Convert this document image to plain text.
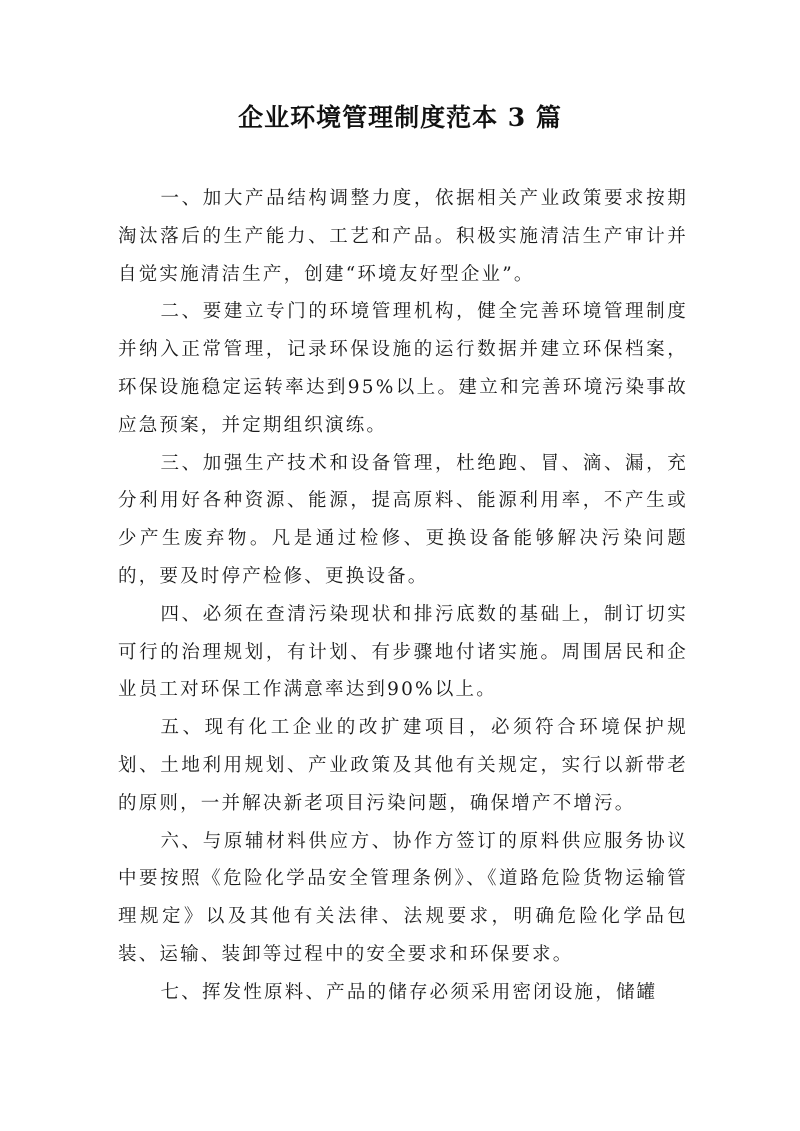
企业环境管理制度范本 3 篇

一、加大产品结构调整力度，依据相关产业政策要求按期淘汰落后的生产能力、工艺和产品。积极实施清洁生产审计并自觉实施清洁生产，创建“环境友好型企业”。

二、要建立专门的环境管理机构，健全完善环境管理制度并纳入正常管理，记录环保设施的运行数据并建立环保档案，环保设施稳定运转率达到95%以上。建立和完善环境污染事故应急预案，并定期组织演练。

三、加强生产技术和设备管理，杜绝跑、冒、滴、漏，充分利用好各种资源、能源，提高原料、能源利用率，不产生或少产生废弃物。凡是通过检修、更换设备能够解决污染问题的，要及时停产检修、更换设备。

四、必须在查清污染现状和排污底数的基础上，制订切实可行的治理规划，有计划、有步骤地付诸实施。周围居民和企业员工对环保工作满意率达到90%以上。

五、现有化工企业的改扩建项目，必须符合环境保护规划、土地利用规划、产业政策及其他有关规定，实行以新带老的原则，一并解决新老项目污染问题，确保增产不增污。

六、与原辅材料供应方、协作方签订的原料供应服务协议中要按照《危险化学品安全管理条例》、《道路危险货物运输管理规定》以及其他有关法律、法规要求，明确危险化学品包装、运输、装卸等过程中的安全要求和环保要求。

七、挥发性原料、产品的储存必须采用密闭设施，储罐
